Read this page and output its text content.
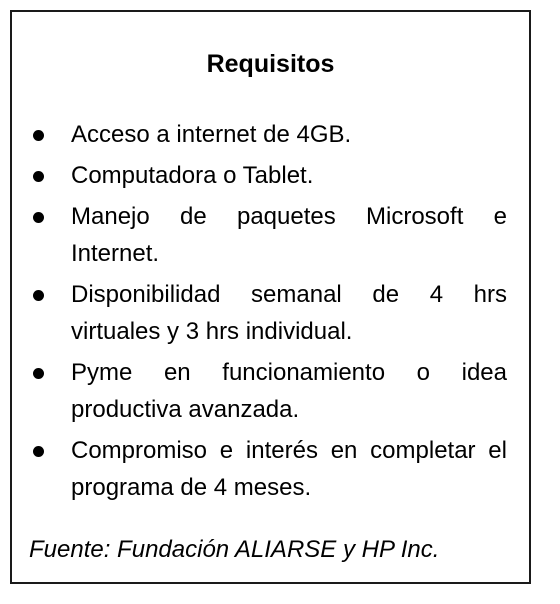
Requisitos
Acceso a internet de 4GB.
Computadora o Tablet.
Manejo de paquetes Microsoft e Internet.
Disponibilidad semanal de 4 hrs virtuales y 3 hrs individual.
Pyme en funcionamiento o idea productiva avanzada.
Compromiso e interés en completar el programa de 4 meses.

Fuente: Fundación ALIARSE y HP Inc.
